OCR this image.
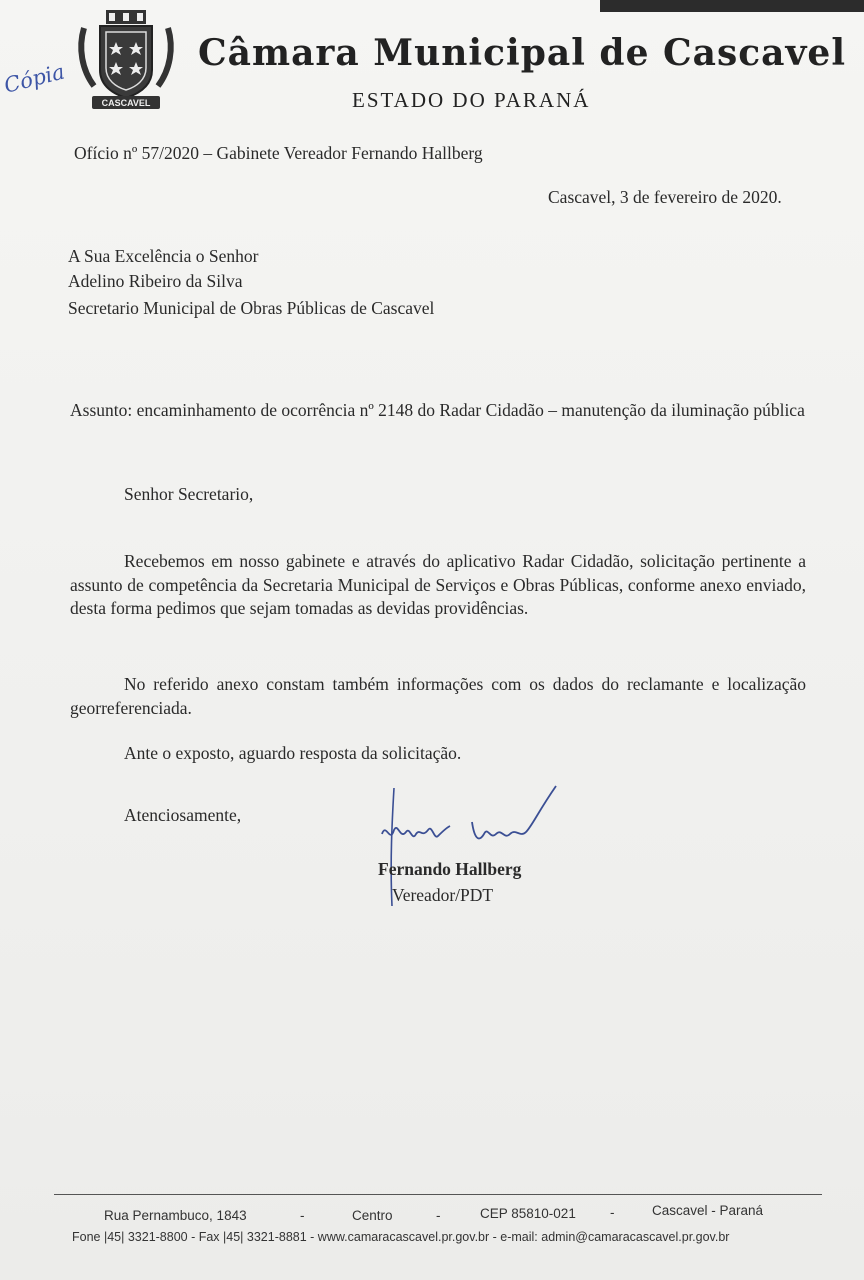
CASCAVEL
Cópia
Câmara Municipal de Cascavel
ESTADO DO PARANÁ
Ofício nº 57/2020 – Gabinete Vereador Fernando Hallberg
Cascavel, 3 de fevereiro de 2020.
A Sua Excelência o Senhor
Adelino Ribeiro da Silva
Secretario Municipal de Obras Públicas de Cascavel
Assunto: encaminhamento de ocorrência nº 2148 do Radar Cidadão – manutenção da iluminação pública
Senhor Secretario,
Recebemos em nosso gabinete e através do aplicativo Radar Cidadão, solicitação pertinente a assunto de competência da Secretaria Municipal de Serviços e Obras Públicas, conforme anexo enviado, desta forma pedimos que sejam tomadas as devidas providências.
No referido anexo constam também informações com os dados do reclamante e localização georreferenciada.
Ante o exposto, aguardo resposta da solicitação.
Atenciosamente,
Fernando Hallberg
Vereador/PDT
Rua Pernambuco, 1843	-	Centro	-	CEP 85810-021	-	Cascavel - Paraná
Fone |45| 3321-8800 - Fax |45| 3321-8881 - www.camaracascavel.pr.gov.br - e-mail: admin@camaracascavel.pr.gov.br
